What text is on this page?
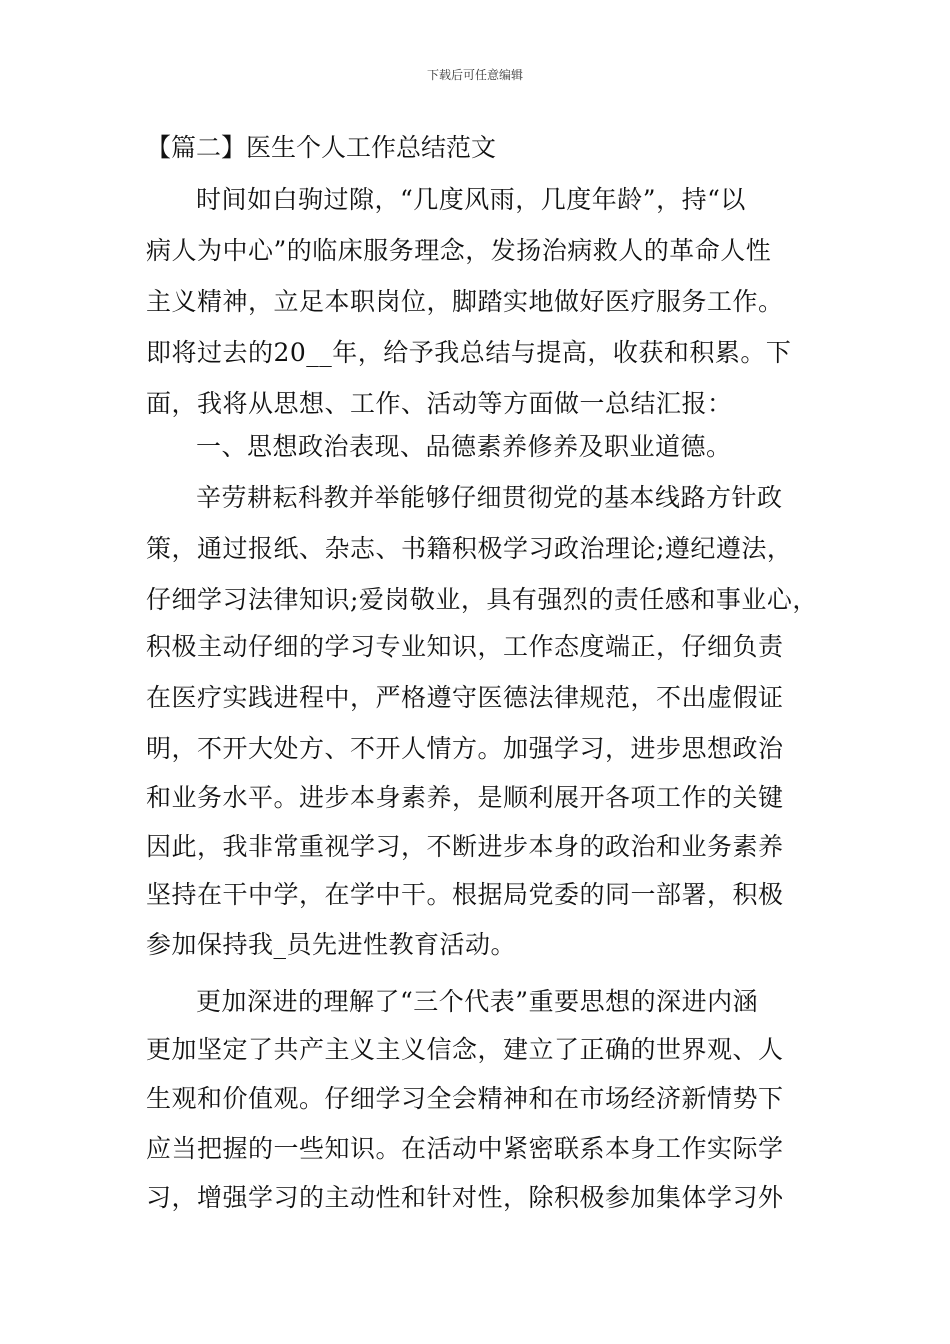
下载后可任意编辑
【篇二】医生个人工作总结范文
时间如白驹过隙，“几度风雨，几度年龄”，持“以
病人为中心”的临床服务理念，发扬治病救人的革命人性
主义精神，立足本职岗位，脚踏实地做好医疗服务工作。
即将过去的20__年，给予我总结与提高，收获和积累。下
面，我将从思想、工作、活动等方面做一总结汇报：
一、思想政治表现、品德素养修养及职业道德。
辛劳耕耘科教并举能够仔细贯彻党的基本线路方针政
策，通过报纸、杂志、书籍积极学习政治理论;遵纪遵法，
仔细学习法律知识;爱岗敬业，具有强烈的责任感和事业心，
积极主动仔细的学习专业知识，工作态度端正，仔细负责
在医疗实践进程中，严格遵守医德法律规范，不出虚假证
明，不开大处方、不开人情方。加强学习，进步思想政治
和业务水平。进步本身素养，是顺利展开各项工作的关键
因此，我非常重视学习，不断进步本身的政治和业务素养
坚持在干中学，在学中干。根据局党委的同一部署，积极
参加保持我_员先进性教育活动。
更加深进的理解了“三个代表”重要思想的深进内涵
更加坚定了共产主义主义信念，建立了正确的世界观、人
生观和价值观。仔细学习全会精神和在市场经济新情势下
应当把握的一些知识。在活动中紧密联系本身工作实际学
习，增强学习的主动性和针对性，除积极参加集体学习外
